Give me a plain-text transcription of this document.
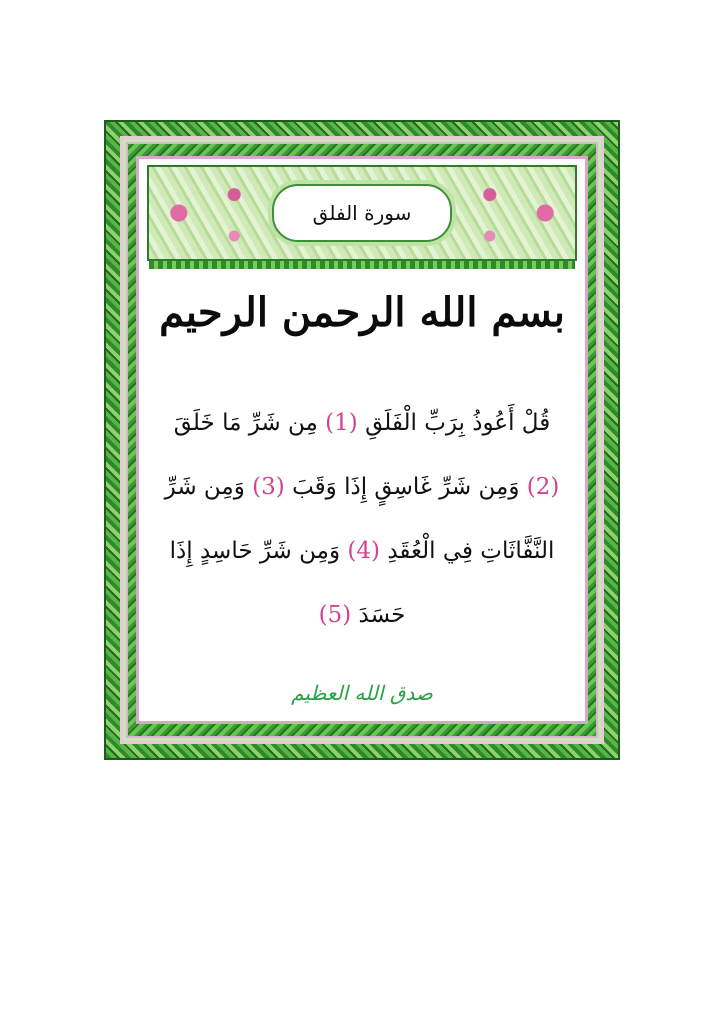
سورة الفلق
بسم الله الرحمن الرحيم
قُلْ أَعُوذُ بِرَبِّ الْفَلَقِ (1) مِن شَرِّ مَا خَلَقَ (2) وَمِن شَرِّ غَاسِقٍ إِذَا وَقَبَ (3) وَمِن شَرِّ النَّفَّاثَاتِ فِي الْعُقَدِ (4) وَمِن شَرِّ حَاسِدٍ إِذَا حَسَدَ (5)
صدق الله العظيم
